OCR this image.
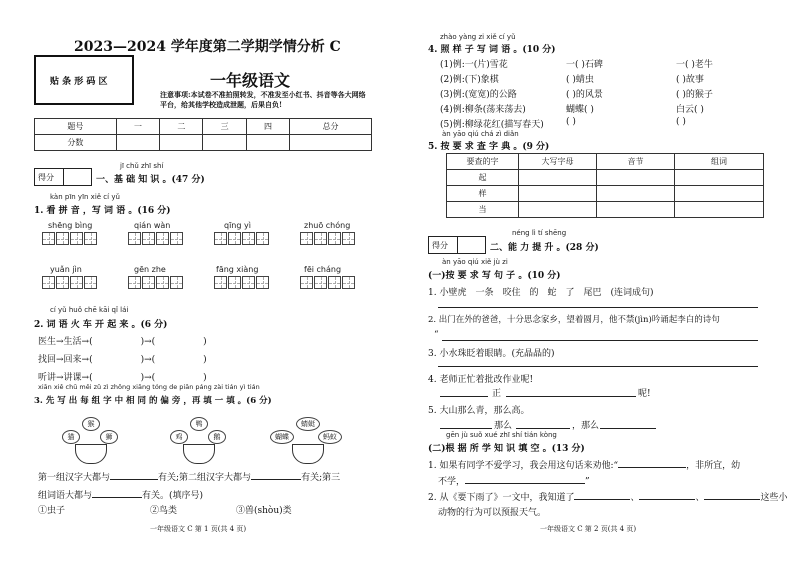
2023—2024 学年度第二学期学情分析 C
贴 条 形 码 区	一年级语文
注意事项:本试卷不准拍照转发，不准发至小红书、抖音等各大网络平台，给其他学校造成泄题，后果自负!
题号	一	二	三	四	总分
分数					
得分
jī chǔ zhī shí
一、基 础 知 识 。(47 分)
kàn pīn yīn xiě cí yǔ
1. 看 拼 音 ，写 词 语 。(16 分)
shēng bìng	qián wàn	qīng yì	zhuō chóng
yuǎn jìn	gēn zhe	fāng xiàng	fēi cháng
cí yǔ huǒ chē kāi qǐ lái
2. 词 语 火 车 开 起 来 。(6 分)
医生→生活→(	)→(	)
找回→回来→(	)→(	)
听讲→讲课→(	)→(	)
xiān xiě chū měi zǔ zì zhōng xiāng tóng de piān páng zài tián yì tián
3. 先 写 出 每 组 字 中 相 同 的 偏 旁 ，再 填 一 填 。(6 分)
猴
猫	狮
鸭
鸡	鹅
蜻蜓
蝴蝶	蚂蚁
第一组汉字大都与	有关;第二组汉字大都与	有关;第三
组词语大都与	有关。(填序号)
①虫子	②鸟类	③兽(shòu)类
一年级语文 C 第 1 页(共 4 页)
zhào yàng zi xiě cí yǔ
4. 照 样 子 写 词 语 。(10 分)
(1)例:一(片)雪花	一( )石碑	一( )老牛
(2)例:(下)象棋	( )蜻虫	( )故事
(3)例:(宽宽)的公路	( )的风景	( )的猴子
(4)例:柳条(荡来荡去)	蝴蝶( )	白云( )
(5)例:柳绿花红(描写春天) ( )	( )
àn yāo qiú chá zì diǎn
5. 按 要 求 查 字 典 。(9 分)
要查的字	大写字母	音节	组词
起			
样			
当			
得分
néng lì tí shēng
二、能 力 提 升 。(28 分)
àn yāo qiú xiě jù zi
(一)按 要 求 写 句 子 。(10 分)
1. 小壁虎　一条　咬住　的　蛇　了　尾巴　(连词成句)
2. 出门在外的爸爸，十分思念家乡，望着圆月，他不禁(jìn)吟诵起李白的诗句
“
3. 小水珠眨着眼睛。(充晶晶的)
4. 老师正忙着批改作业呢!
正	呢!
5. 大山那么青，那么高。
那么	，那么
gēn jù suǒ xué zhī shí tián kòng
(二)根 据 所 学 知 识 填 空 。(13 分)
1. 如果有同学不爱学习，我会用这句话来劝他:“	，非所宜，幼
不学，	”
2. 从《要下雨了》一文中，我知道了	、	、	这些小
动物的行为可以预报天气。
一年级语文 C 第 2 页(共 4 页)
